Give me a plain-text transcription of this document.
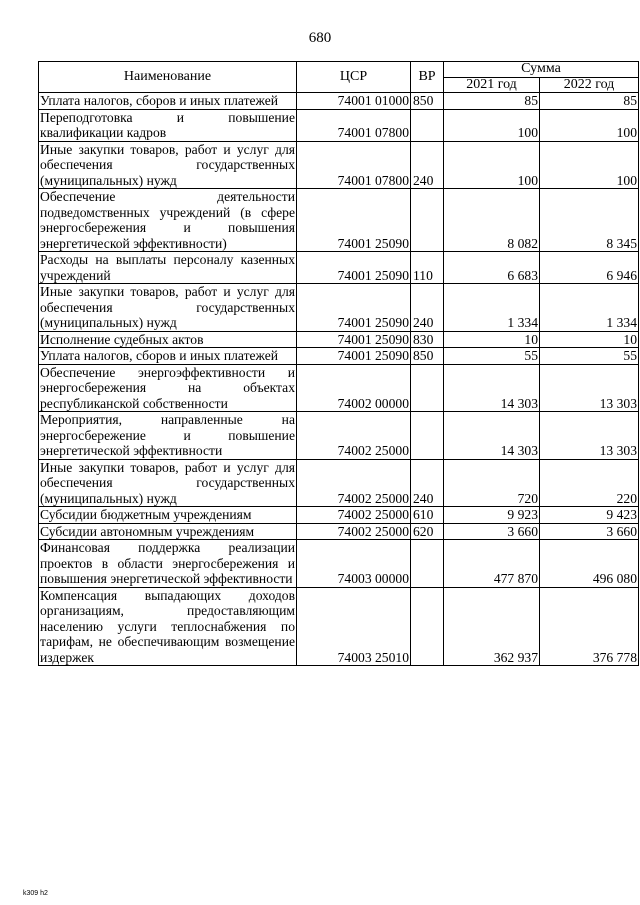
680
Наименование	ЦСР	ВР	Сумма	
			2021 год	2022 год
Уплата налогов, сборов и иных платежей	74001 01000	850	85	85
Переподготовка и повышение квалификации кадров	74001 07800		100	100
Иные закупки товаров, работ и услуг для обеспечения государственных (муниципальных) нужд	74001 07800	240	100	100
Обеспечение деятельности подведомственных учреждений (в сфере энергосбережения и повышения энергетической эффективности)	74001 25090		8 082	8 345
Расходы на выплаты персоналу казенных учреждений	74001 25090	110	6 683	6 946
Иные закупки товаров, работ и услуг для обеспечения государственных (муниципальных) нужд	74001 25090	240	1 334	1 334
Исполнение судебных актов	74001 25090	830	10	10
Уплата налогов, сборов и иных платежей	74001 25090	850	55	55
Обеспечение энергоэффективности и энергосбережения на объектах республиканской собственности	74002 00000		14 303	13 303
Мероприятия, направленные на энергосбережение и повышение энергетической эффективности	74002 25000		14 303	13 303
Иные закупки товаров, работ и услуг для обеспечения государственных (муниципальных) нужд	74002 25000	240	720	220
Субсидии бюджетным учреждениям	74002 25000	610	9 923	9 423
Субсидии автономным учреждениям	74002 25000	620	3 660	3 660
Финансовая поддержка реализации проектов в области энергосбережения и повышения энергетической эффективности	74003 00000		477 870	496 080
Компенсация выпадающих доходов организациям, предоставляющим населению услуги теплоснабжения по тарифам, не обеспечивающим возмещение издержек	74003 25010		362 937	376 778
k309 h2
